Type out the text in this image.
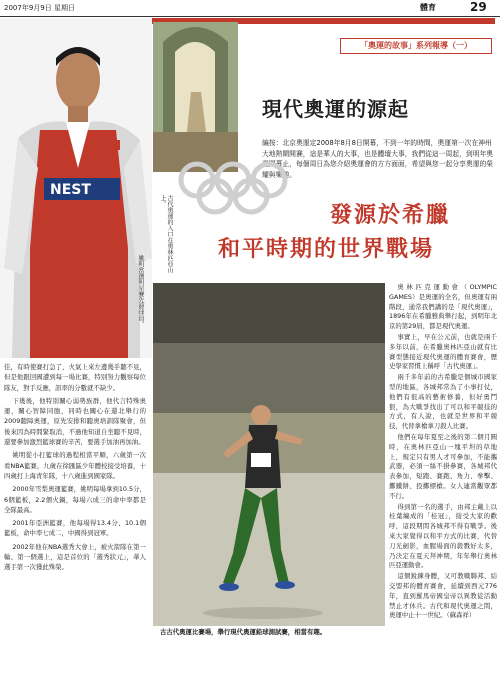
2007年9月9日 星期日	體育	29
NEST
姚明當選明星賽先發球員。
古代奧運的入口在奧林匹亞山上。
「奧運的故事」系列報導（一）
現代奧運的源起
編按：北京奧運定2008年8月8日開幕，不到一年的時間，奧運第一次在神州大地熱鬧開賽，這是華人的大事，也是體壇大事，我們從這一周起，到明年奧運開幕止，每個周日為您介紹奧運會的方方面面，希望與您一起分享奧運的榮耀與樂趣。
發源於希臘
和平時期的世界戰場
古古代奧運比賽場，舉行現代奧運鉛球測試賽，相當有趣。

奧林匹克運動會（OLYMPIC GAMES）是奧運的全名，但奧運有兩階段，通常我們講的是「現代奧運」，1896年在希臘雅典舉行起，到明年北京的第29屆，都是現代奧運。

事實上，早在公元前，也就是兩千多年以前，在希臘奧林匹亞山就有比賽型態接近現代奧運的體育賽會，歷史學家習慣上稱呼「古代奧運」。

兩千多年前的古希臘是個城市國家型的地區，各城邦常為了小事打仗，他們有很高的藝術修養，但好勇鬥狠，為大戰爭找出了可以和平競技的方式，有人說，也就是世界和平競技，代替拿槍拿刀殺人比賽。

他們在每年夏至之後的第二個月圓時，在奧林匹亞山一塊平坦的草地上，規定只有男人才可參加，不能攜武器，必須一絲不掛參賽，各城邦代表參加，短跑、賽跑、角力、拳擊、擲鐵餅、投擲標槍。女人連當觀眾都不行。

得到第一名的選手，由邦主戴上以桂葉編成的「桂冠」，接受大家的歡呼，這段期間各城邦不得有戰爭。後來大家覺得以和平方式的比賽，代替刀光劍影，血腥場面的殺戮好太多，乃決定在夏天拜神期，年年舉行奧林匹亞運動會。

這個銳鍊身體，又可教戰聯邦、結交盟邦的體育賽會，延續到西元776年，直到羅馬帝國皇帝以異教徒活動禁止才休兵。古代和現代奧運之間，奧運中止十一世紀。（蘇森祥）

佳，有時使賽打急了，火氣上來左邊幾乎聽不見，但是他跟回國遭到每一場比賽，特別努力觀察每位隊友，對手反應，訊率的分數就不缺少。

下幾後，他特別關心弱勢族群，他代言特殊奧運，關心智障同胞，同時也關心在還北舉行的2009聽障奧運，原先安排和聽奧培訓隊聚會，但後來因為時間緊取消，不過他知道自坐聽不見時，還要參加激烈籃球賽的辛苦，要選手加油再加油。

姚明從小打籃球的過程相當平順，六歲第一次看NBA籃賽，九歲在徐匯區少年體校接受培養，十四歲打上海青年隊，十八歲進到國家隊。

2000年雪梨奧運籃賽，姚明每場拿到10.5分，6個籃板，2.2個火鍋，每場六成三的命中率都是全隊最高。

2001年亞洲籃賽，他每場得13.4分、10.1個籃板，命中率七成二，中國得到冠軍。

2002年他在NBA選秀大會上，被火箭隊在第一輪、第一個選上，這是首位的「選秀狀元」，華人選手第一次獲此殊榮。
